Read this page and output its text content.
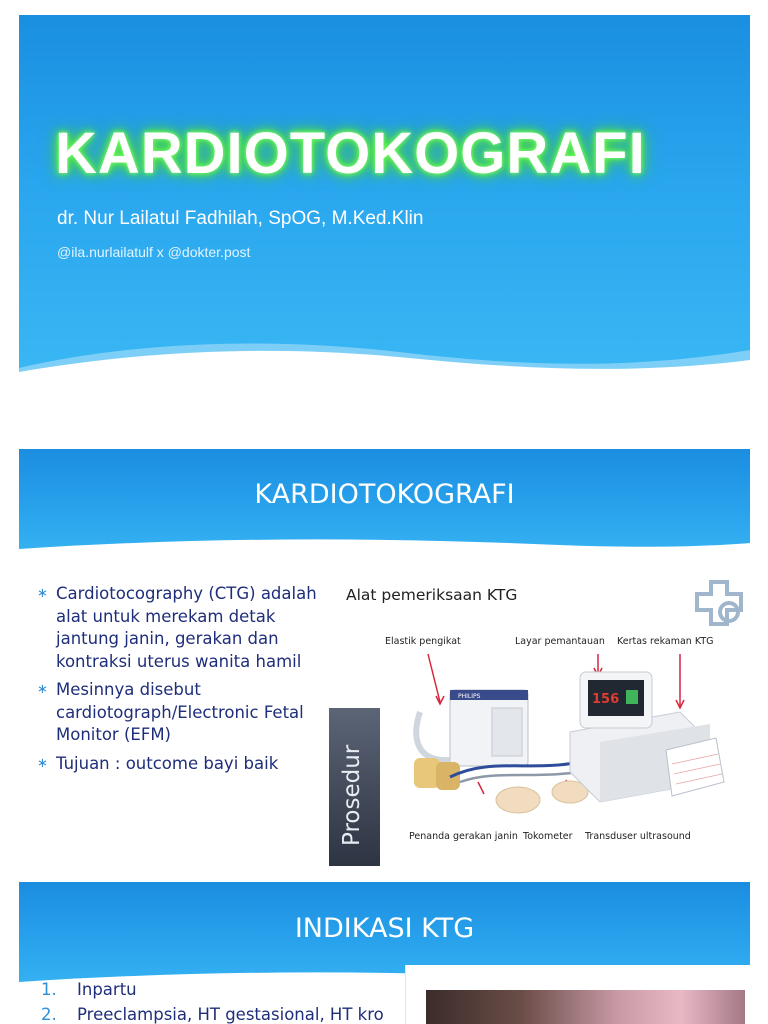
KARDIOTOKOGRAFI
dr. Nur Lailatul Fadhilah, SpOG, M.Ked.Klin
@ila.nurlailatulf x @dokter.post
KARDIOTOKOGRAFI
∗ Cardiotocography (CTG) adalah alat untuk merekam detak jantung janin, gerakan dan kontraksi uterus wanita hamil
∗ Mesinnya disebut cardiotograph/Electronic Fetal Monitor (EFM)
∗ Tujuan : outcome bayi baik
Alat pemeriksaan KTG
Elastik pengikat	Layar pemantauan Kertas rekaman KTG
Prosedur
PHILIPS	156
Penanda gerakan janin Tokometer Transduser ultrasound
INDIKASI KTG
1. Inpartu
2. Preeclampsia, HT gestasional, HT kro
